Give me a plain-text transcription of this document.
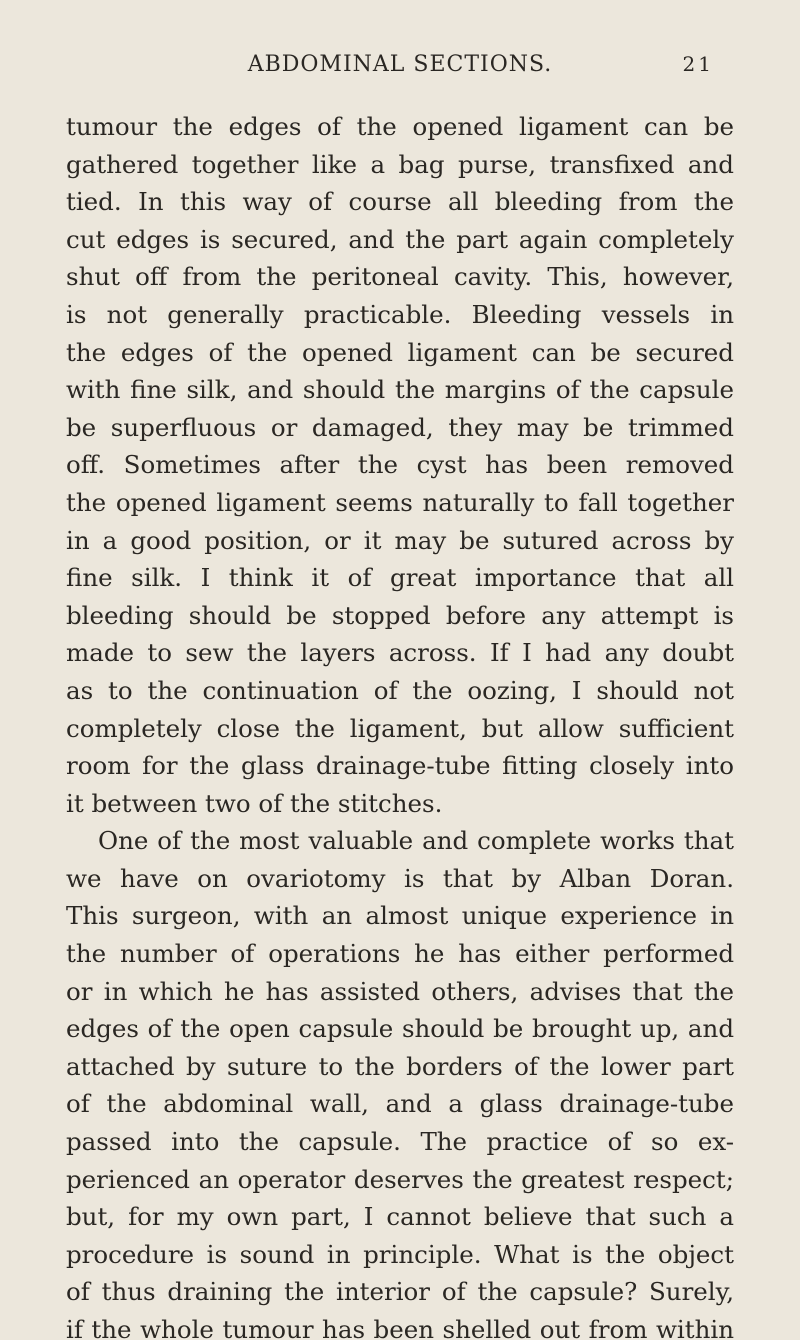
ABDOMINAL SECTIONS.	21
tumour the edges of the opened ligament can be
gathered together like a bag purse, transfixed and
tied. In this way of course all bleeding from the
cut edges is secured, and the part again completely
shut off from the peritoneal cavity. This, however,
is not generally practicable. Bleeding vessels in
the edges of the opened ligament can be secured
with fine silk, and should the margins of the capsule
be superfluous or damaged, they may be trimmed
off. Sometimes after the cyst has been removed
the opened ligament seems naturally to fall together
in a good position, or it may be sutured across by
fine silk. I think it of great importance that all
bleeding should be stopped before any attempt is
made to sew the layers across. If I had any doubt
as to the continuation of the oozing, I should not
completely close the ligament, but allow sufficient
room for the glass drainage-tube fitting closely into
it between two of the stitches.
One of the most valuable and complete works that
we have on ovariotomy is that by Alban Doran.
This surgeon, with an almost unique experience in
the number of operations he has either performed
or in which he has assisted others, advises that the
edges of the open capsule should be brought up, and
attached by suture to the borders of the lower part
of the abdominal wall, and a glass drainage-tube
passed into the capsule. The practice of so ex-
perienced an operator deserves the greatest respect;
but, for my own part, I cannot believe that such a
procedure is sound in principle. What is the object
of thus draining the interior of the capsule? Surely,
if the whole tumour has been shelled out from within
